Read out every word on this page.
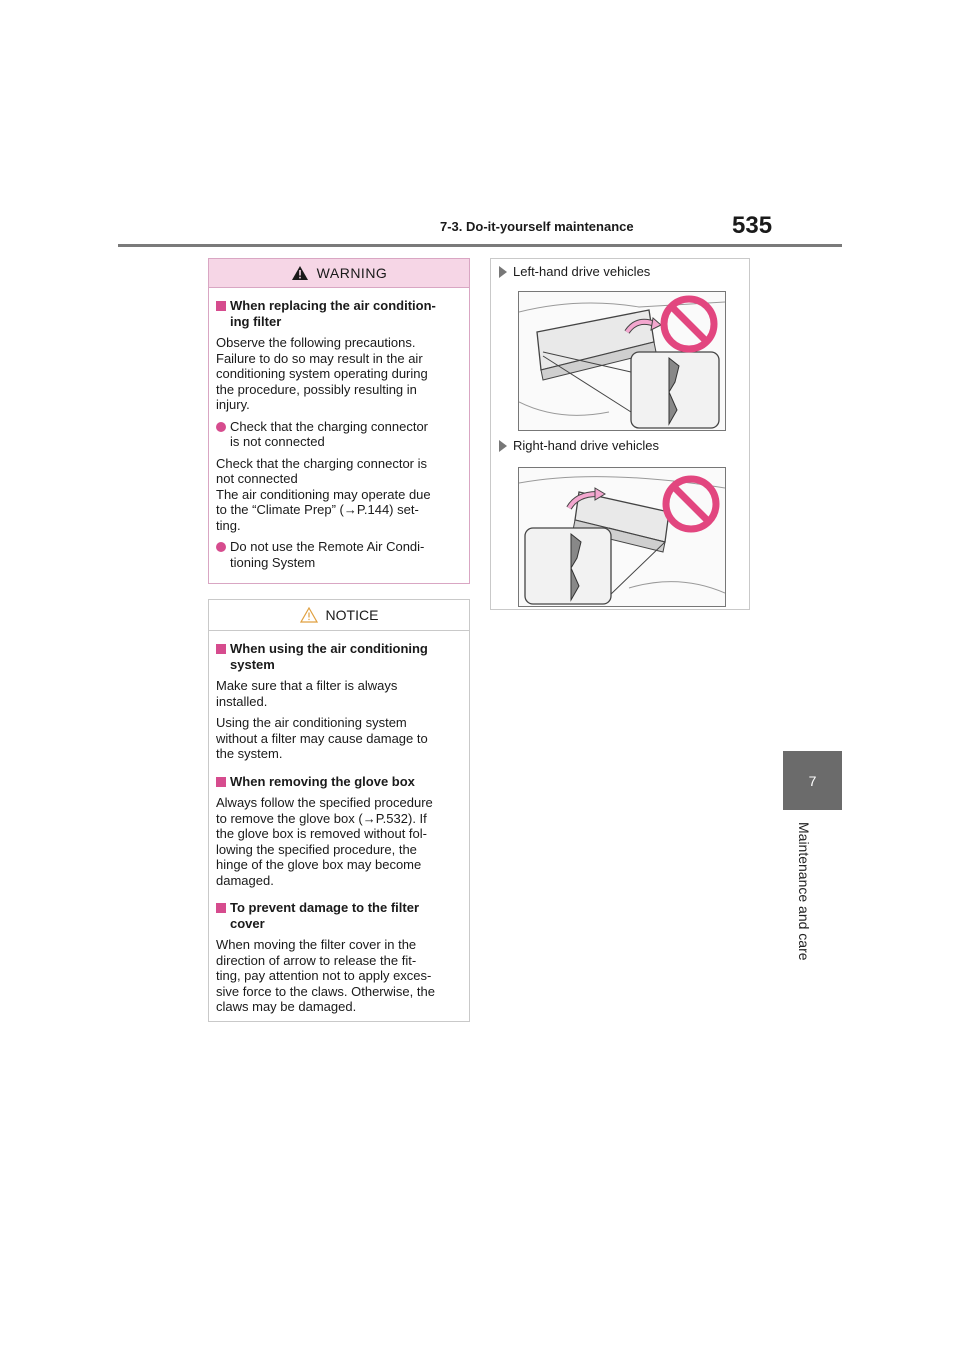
7-3. Do-it-yourself maintenance	535
7
Maintenance and care
WARNING
When replacing the air condition-
ing filter
Observe the following precautions.
Failure to do so may result in the air
conditioning system operating during
the procedure, possibly resulting in
injury.
Check that the charging connector
is not connected
Check that the charging connector is
not connected
The air conditioning may operate due
to the “Climate Prep” (→P.144) set-
ting.
Do not use the Remote Air Condi-
tioning System
NOTICE
When using the air conditioning
system
Make sure that a filter is always
installed.
Using the air conditioning system
without a filter may cause damage to
the system.
When removing the glove box
Always follow the specified procedure
to remove the glove box (→P.532). If
the glove box is removed without fol-
lowing the specified procedure, the
hinge of the glove box may become
damaged.
To prevent damage to the filter
cover
When moving the filter cover in the
direction of arrow to release the fit-
ting, pay attention not to apply exces-
sive force to the claws. Otherwise, the
claws may be damaged.
Left-hand drive vehicles
Right-hand drive vehicles
